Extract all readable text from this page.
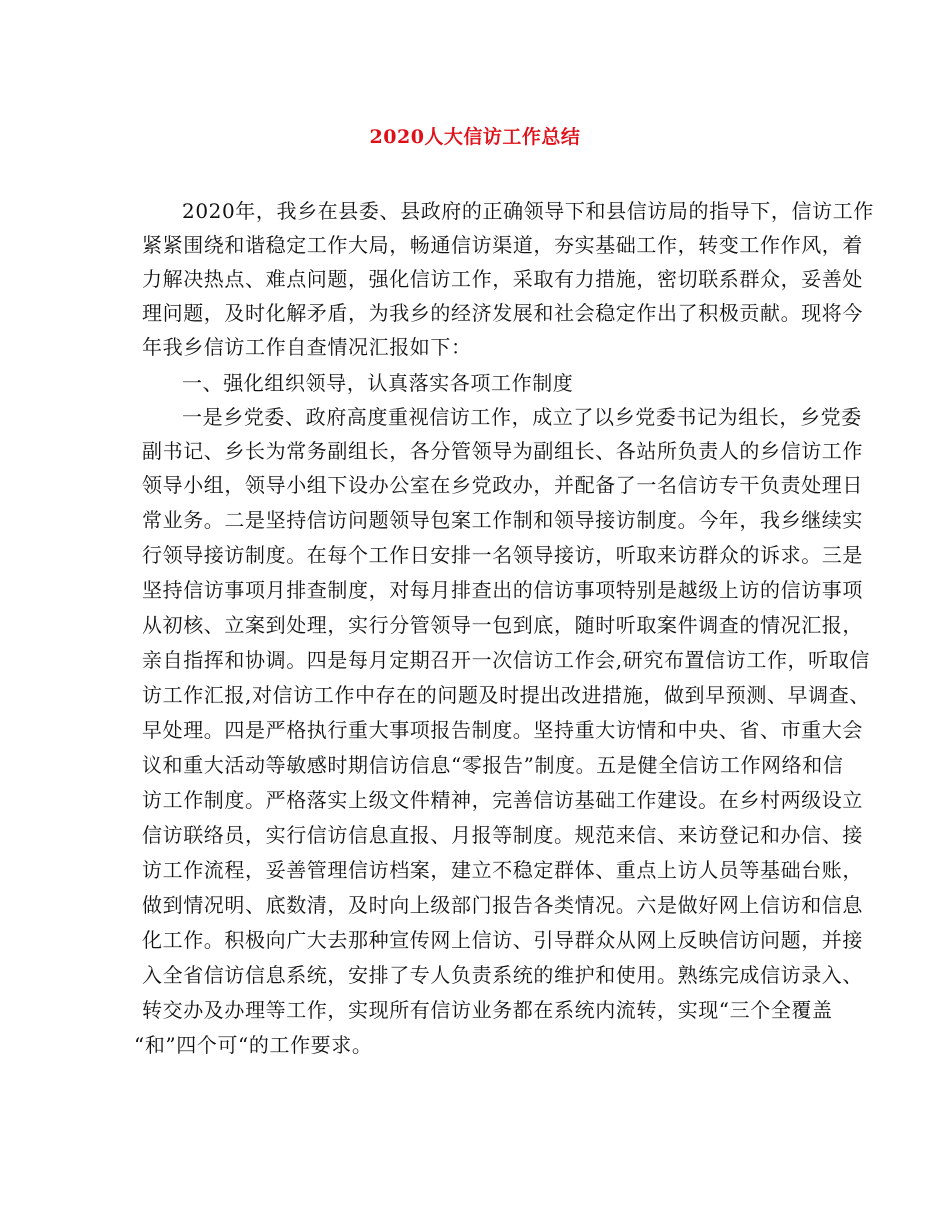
2020人大信访工作总结
2020年，我乡在县委、县政府的正确领导下和县信访局的指导下，信访工作
紧紧围绕和谐稳定工作大局，畅通信访渠道，夯实基础工作，转变工作作风，着
力解决热点、难点问题，强化信访工作，采取有力措施，密切联系群众，妥善处
理问题，及时化解矛盾，为我乡的经济发展和社会稳定作出了积极贡献。现将今
年我乡信访工作自查情况汇报如下：
一、强化组织领导，认真落实各项工作制度
一是乡党委、政府高度重视信访工作，成立了以乡党委书记为组长，乡党委
副书记、乡长为常务副组长，各分管领导为副组长、各站所负责人的乡信访工作
领导小组，领导小组下设办公室在乡党政办，并配备了一名信访专干负责处理日
常业务。二是坚持信访问题领导包案工作制和领导接访制度。今年，我乡继续实
行领导接访制度。在每个工作日安排一名领导接访，听取来访群众的诉求。三是
坚持信访事项月排查制度，对每月排查出的信访事项特别是越级上访的信访事项
从初核、立案到处理，实行分管领导一包到底，随时听取案件调查的情况汇报，
亲自指挥和协调。四是每月定期召开一次信访工作会,研究布置信访工作，听取信
访工作汇报,对信访工作中存在的问题及时提出改进措施，做到早预测、早调查、
早处理。四是严格执行重大事项报告制度。坚持重大访情和中央、省、市重大会
议和重大活动等敏感时期信访信息“零报告”制度。五是健全信访工作网络和信
访工作制度。严格落实上级文件精神，完善信访基础工作建设。在乡村两级设立
信访联络员，实行信访信息直报、月报等制度。规范来信、来访登记和办信、接
访工作流程，妥善管理信访档案，建立不稳定群体、重点上访人员等基础台账，
做到情况明、底数清，及时向上级部门报告各类情况。六是做好网上信访和信息
化工作。积极向广大去那种宣传网上信访、引导群众从网上反映信访问题，并接
入全省信访信息系统，安排了专人负责系统的维护和使用。熟练完成信访录入、
转交办及办理等工作，实现所有信访业务都在系统内流转，实现“三个全覆盖
“和”四个可“的工作要求。
